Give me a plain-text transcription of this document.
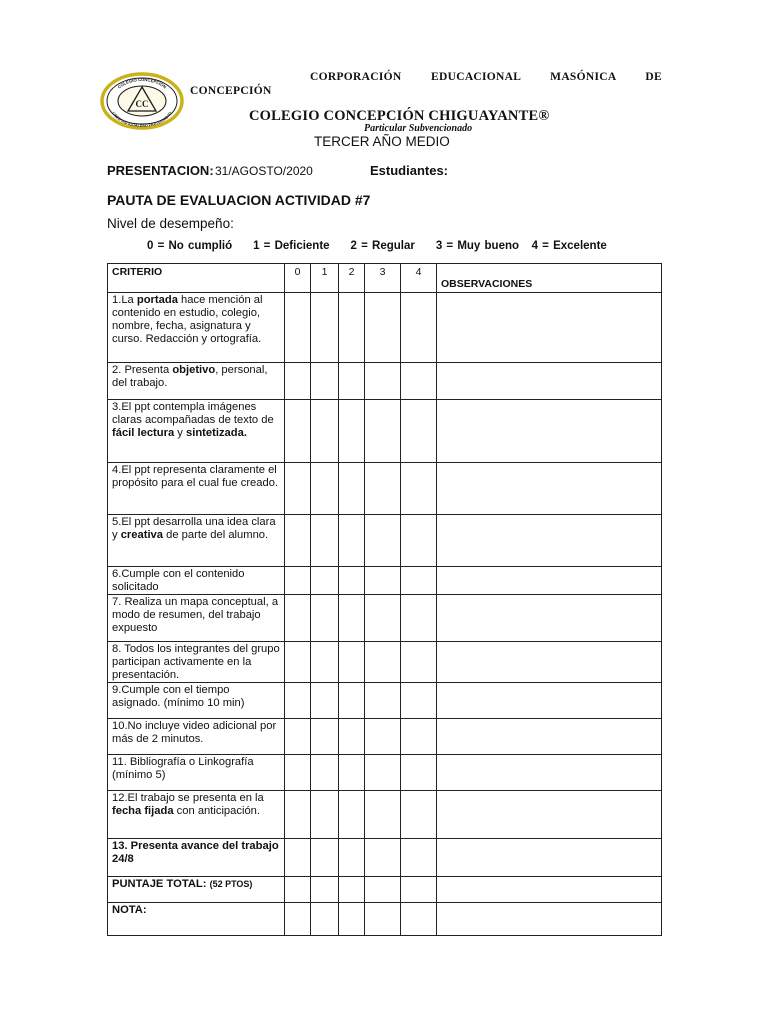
CC
COLEGIO CONCEPCION
LIBERTAD IGUALDAD FRATERNIDAD
CORPORACIÓN EDUCACIONAL MASÓNICA DE
CONCEPCIÓN
COLEGIO CONCEPCIÓN CHIGUAYANTE®
Particular Subvencionado
TERCER AÑO MEDIO
PRESENTACION: 31/AGOSTO/2020	Estudiantes:
PAUTA DE EVALUACION ACTIVIDAD #7
Nivel de desempeño:
0 = No cumplió     1 = Deficiente     2 = Regular     3 = Muy bueno   4 = Excelente
CRITERIO	0	1	2	3	4	OBSERVACIONES

1.La portada hace mención al contenido en estudio, colegio, nombre, fecha, asignatura y curso. Redacción y ortografía.						

2. Presenta objetivo, personal, del trabajo.						

3.El ppt contempla imágenes claras acompañadas de texto de fácil lectura y sintetizada.						

4.El ppt representa claramente el propósito para el cual fue creado.						

5.El ppt desarrolla una idea clara y creativa de parte del alumno.						

6.Cumple con el contenido solicitado						

7. Realiza un mapa conceptual, a modo de resumen, del trabajo expuesto						

8. Todos los integrantes del grupo participan activamente en la presentación.						

9.Cumple con el tiempo asignado. (mínimo 10 min)						

10.No incluye video adicional por más de 2 minutos.						

11. Bibliografía o Linkografía (mínimo 5)						

12.El trabajo se presenta en la fecha fijada con anticipación.						

13. Presenta avance del trabajo 24/8						

PUNTAJE TOTAL: (52 PTOS)						

NOTA:						
